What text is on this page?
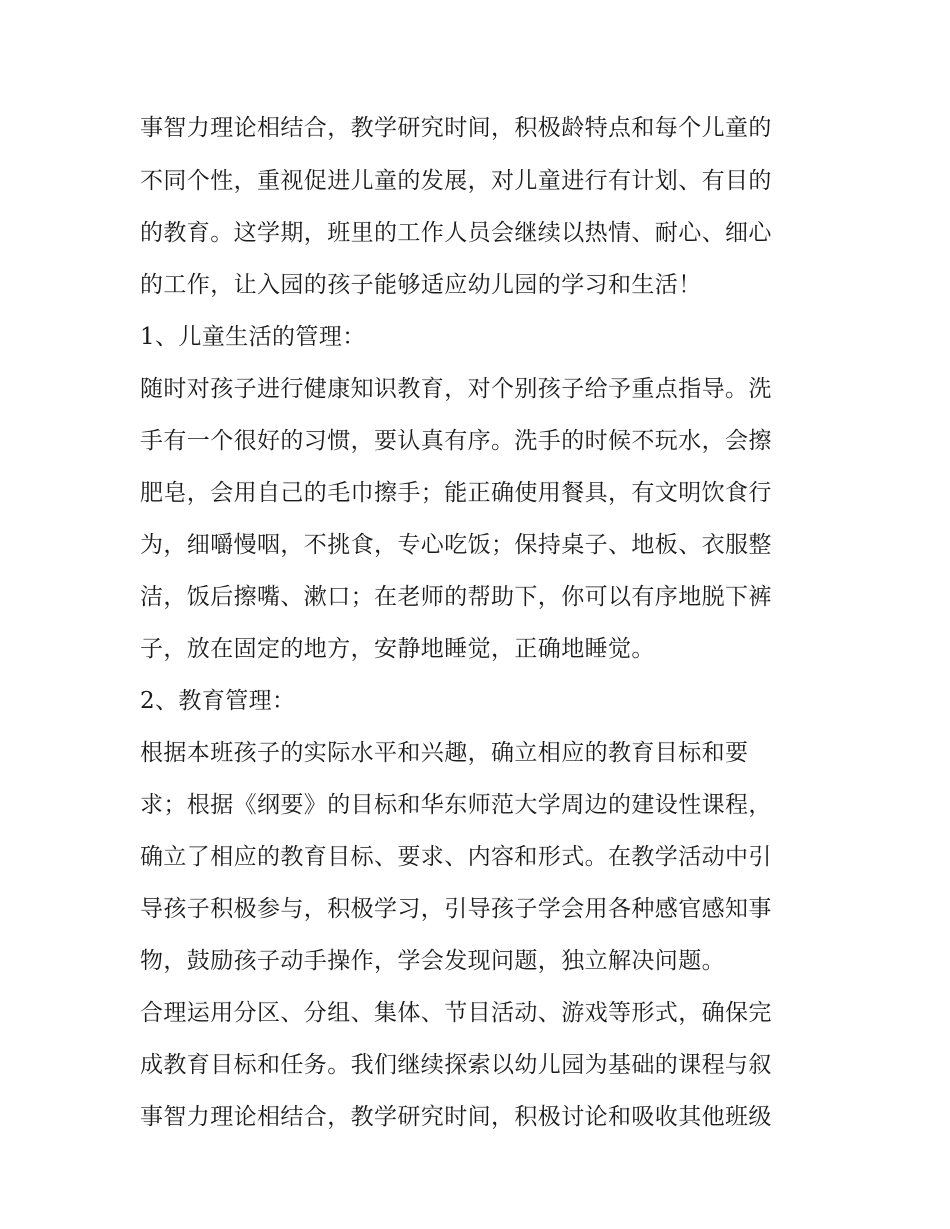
事智力理论相结合，教学研究时间，积极龄特点和每个儿童的
不同个性，重视促进儿童的发展，对儿童进行有计划、有目的
的教育。这学期，班里的工作人员会继续以热情、耐心、细心
的工作，让入园的孩子能够适应幼儿园的学习和生活！
1、儿童生活的管理：
随时对孩子进行健康知识教育，对个别孩子给予重点指导。洗
手有一个很好的习惯，要认真有序。洗手的时候不玩水，会擦
肥皂，会用自己的毛巾擦手；能正确使用餐具，有文明饮食行
为，细嚼慢咽，不挑食，专心吃饭；保持桌子、地板、衣服整
洁，饭后擦嘴、漱口；在老师的帮助下，你可以有序地脱下裤
子，放在固定的地方，安静地睡觉，正确地睡觉。
2、教育管理：
根据本班孩子的实际水平和兴趣，确立相应的教育目标和要
求；根据《纲要》的目标和华东师范大学周边的建设性课程，
确立了相应的教育目标、要求、内容和形式。在教学活动中引
导孩子积极参与，积极学习，引导孩子学会用各种感官感知事
物，鼓励孩子动手操作，学会发现问题，独立解决问题。
合理运用分区、分组、集体、节目活动、游戏等形式，确保完
成教育目标和任务。我们继续探索以幼儿园为基础的课程与叙
事智力理论相结合，教学研究时间，积极讨论和吸收其他班级
